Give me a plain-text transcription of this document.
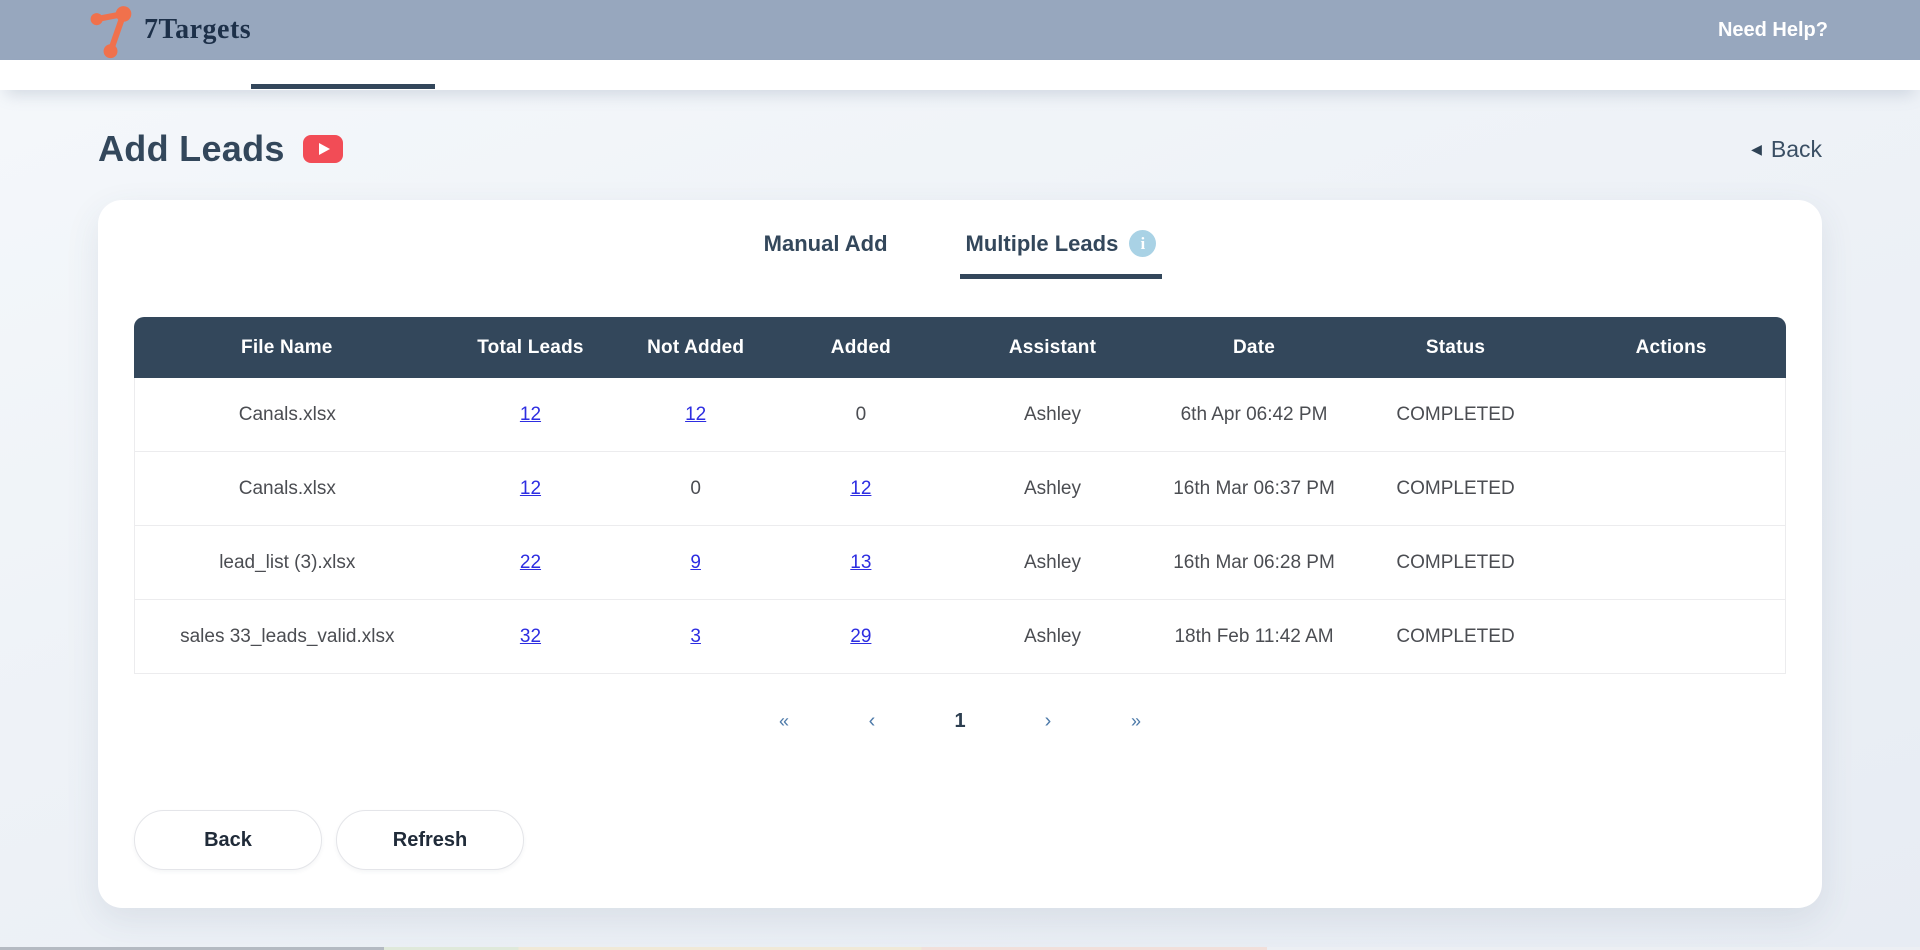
7Targets	Need Help?
Add Leads	◀ Back
Manual Add	Multiple Leads	i
File Name	Total Leads	Not Added	Added	Assistant	Date	Status	Actions
Canals.xlsx	12	12	0	Ashley	6th Apr 06:42 PM	COMPLETED	
Canals.xlsx	12	0	12	Ashley	16th Mar 06:37 PM	COMPLETED	
lead_list (3).xlsx	22	9	13	Ashley	16th Mar 06:28 PM	COMPLETED	
sales 33_leads_valid.xlsx	32	3	29	Ashley	18th Feb 11:42 AM	COMPLETED	
«	‹	1	›	»
Back	Refresh
